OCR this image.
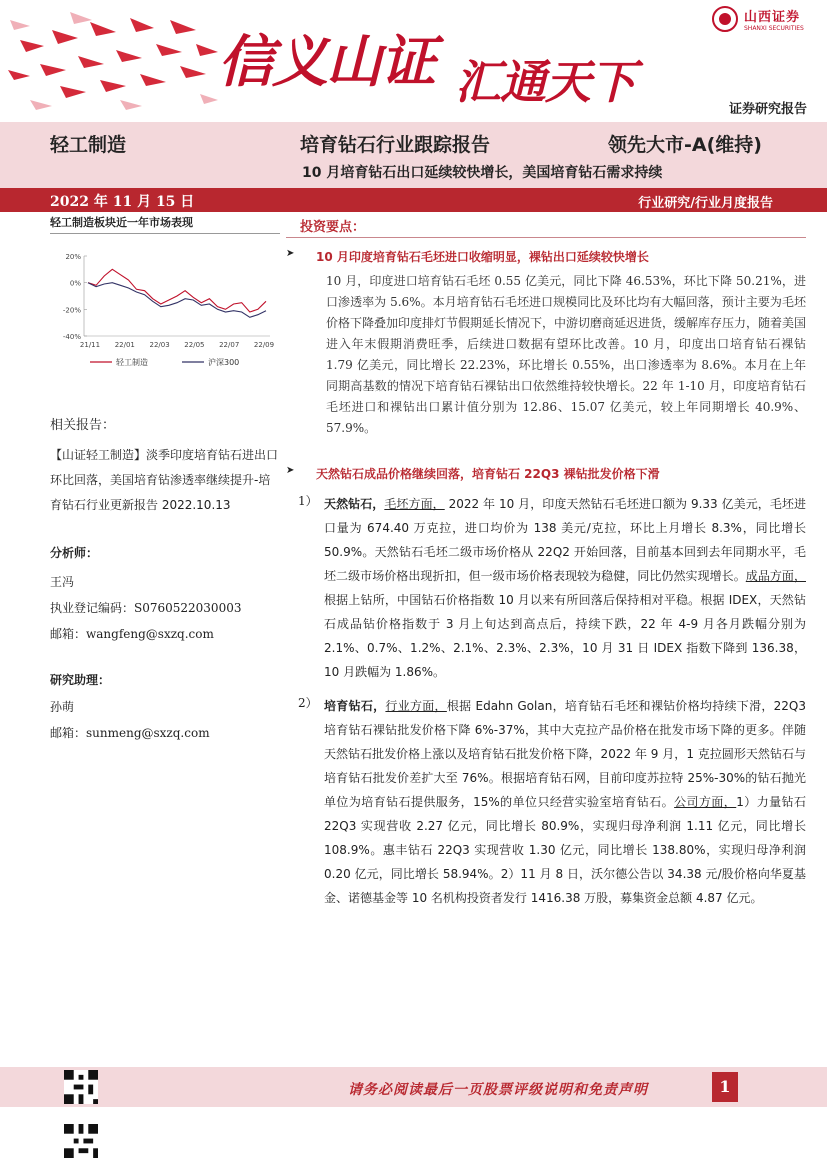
信义山证 汇通天下
山西证券
SHANXI SECURITIES
证券研究报告
轻工制造	培育钻石行业跟踪报告	领先大市-A(维持)
10 月培育钻石出口延续较快增长，美国培育钻石需求持续
2022 年 11 月 15 日	行业研究/行业月度报告
轻工制造板块近一年市场表现
20%
0%
-20%
-40%
21/11 22/01 22/03 22/05 22/07 22/09
轻工制造	沪深300
相关报告：
【山证轻工制造】淡季印度培育钻石进出口环比回落，美国培育钻渗透率继续提升-培育钻石行业更新报告 2022.10.13
分析师：
王冯
执业登记编码：S0760522030003
邮箱：wangfeng@sxzq.com
研究助理：
孙萌
邮箱：sunmeng@sxzq.com
投资要点：
➤	10 月印度培育钻石毛坯进口收缩明显，裸钻出口延续较快增长
10 月，印度进口培育钻石毛坯 0.55 亿美元，同比下降 46.53%，环比下降 50.21%，进口渗透率为 5.6%。本月培育钻石毛坯进口规模同比及环比均有大幅回落，预计主要为毛坯价格下降叠加印度排灯节假期延长情况下，中游切磨商延迟进货，缓解库存压力，随着美国进入年末假期消费旺季，后续进口数据有望环比改善。10 月，印度出口培育钻石裸钻 1.79 亿美元，同比增长 22.23%，环比增长 0.55%，出口渗透率为 8.6%。本月在上年同期高基数的情况下培育钻石裸钻出口依然维持较快增长。22 年 1-10 月，印度培育钻石毛坯进口和裸钻出口累计值分别为 12.86、15.07 亿美元，较上年同期增长 40.9%、57.9%。
➤	天然钻石成品价格继续回落，培育钻石 22Q3 裸钻批发价格下滑
1） 天然钻石，毛坯方面， 2022 年 10 月，印度天然钻石毛坯进口额为 9.33 亿美元，毛坯进口量为 674.40 万克拉，进口均价为 138 美元/克拉，环比上月增长 8.3%，同比增长 50.9%。天然钻石毛坯二级市场价格从 22Q2 开始回落，目前基本回到去年同期水平，毛坯二级市场价格出现折扣，但一级市场价格表现较为稳健，同比仍然实现增长。成品方面，根据上钻所，中国钻石价格指数 10 月以来有所回落后保持相对平稳。根据 IDEX，天然钻石成品钻价格指数于 3 月上旬达到高点后，持续下跌，22 年 4-9 月各月跌幅分别为 2.1%、0.7%、1.2%、2.1%、2.3%、2.3%，10 月 31 日 IDEX 指数下降到 136.38，10 月跌幅为 1.86%。
2） 培育钻石，行业方面，根据 Edahn Golan，培育钻石毛坯和裸钻价格均持续下滑，22Q3 培育钻石裸钻批发价格下降 6%-37%，其中大克拉产品价格在批发市场下降的更多。伴随天然钻石批发价格上涨以及培育钻石批发价格下降，2022 年 9 月，1 克拉圆形天然钻石与培育钻石批发价差扩大至 76%。根据培育钻石网，目前印度苏拉特 25%-30%的钻石抛光单位为培育钻石提供服务，15%的单位只经营实验室培育钻石。公司方面，1）力量钻石 22Q3 实现营收 2.27 亿元，同比增长 80.9%，实现归母净利润 1.11 亿元，同比增长 108.9%。惠丰钻石 22Q3 实现营收 1.30 亿元，同比增长 138.80%，实现归母净利润 0.20 亿元，同比增长 58.94%。2）11 月 8 日，沃尔德公告以 34.38 元/股价格向华夏基金、诺德基金等 10 名机构投资者发行 1416.38 万股，募集资金总额 4.87 亿元。
请务必阅读最后一页股票评级说明和免责声明	1
